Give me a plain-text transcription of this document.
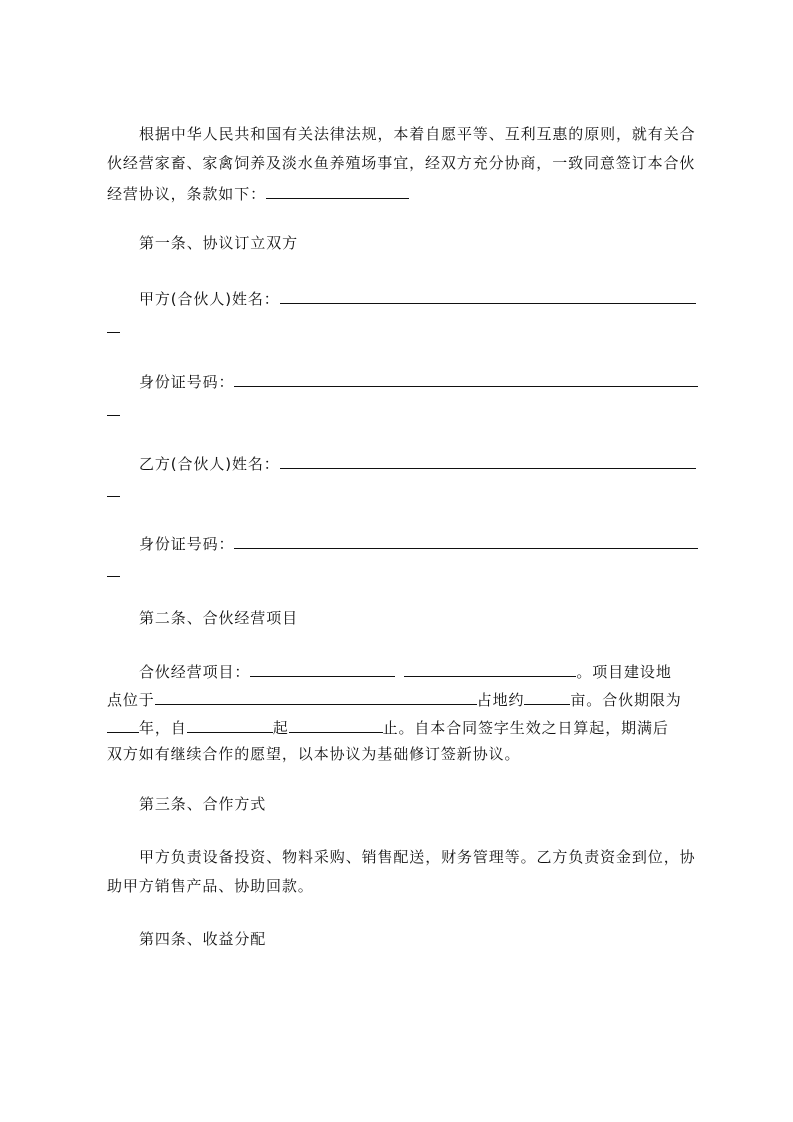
根据中华人民共和国有关法律法规，本着自愿平等、互利互惠的原则，就有关合
伙经营家畜、家禽饲养及淡水鱼养殖场事宜，经双方充分协商，一致同意签订本合伙
经营协议，条款如下：
第一条、协议订立双方
甲方(合伙人)姓名：
身份证号码：
乙方(合伙人)姓名：
身份证号码：
第二条、合伙经营项目
合伙经营项目：	。项目建设地
点位于	占地约	亩。合伙期限为
年，自	起	止。自本合同签字生效之日算起，期满后
双方如有继续合作的愿望，以本协议为基础修订签新协议。
第三条、合作方式
甲方负责设备投资、物料采购、销售配送，财务管理等。乙方负责资金到位，协
助甲方销售产品、协助回款。
第四条、收益分配
